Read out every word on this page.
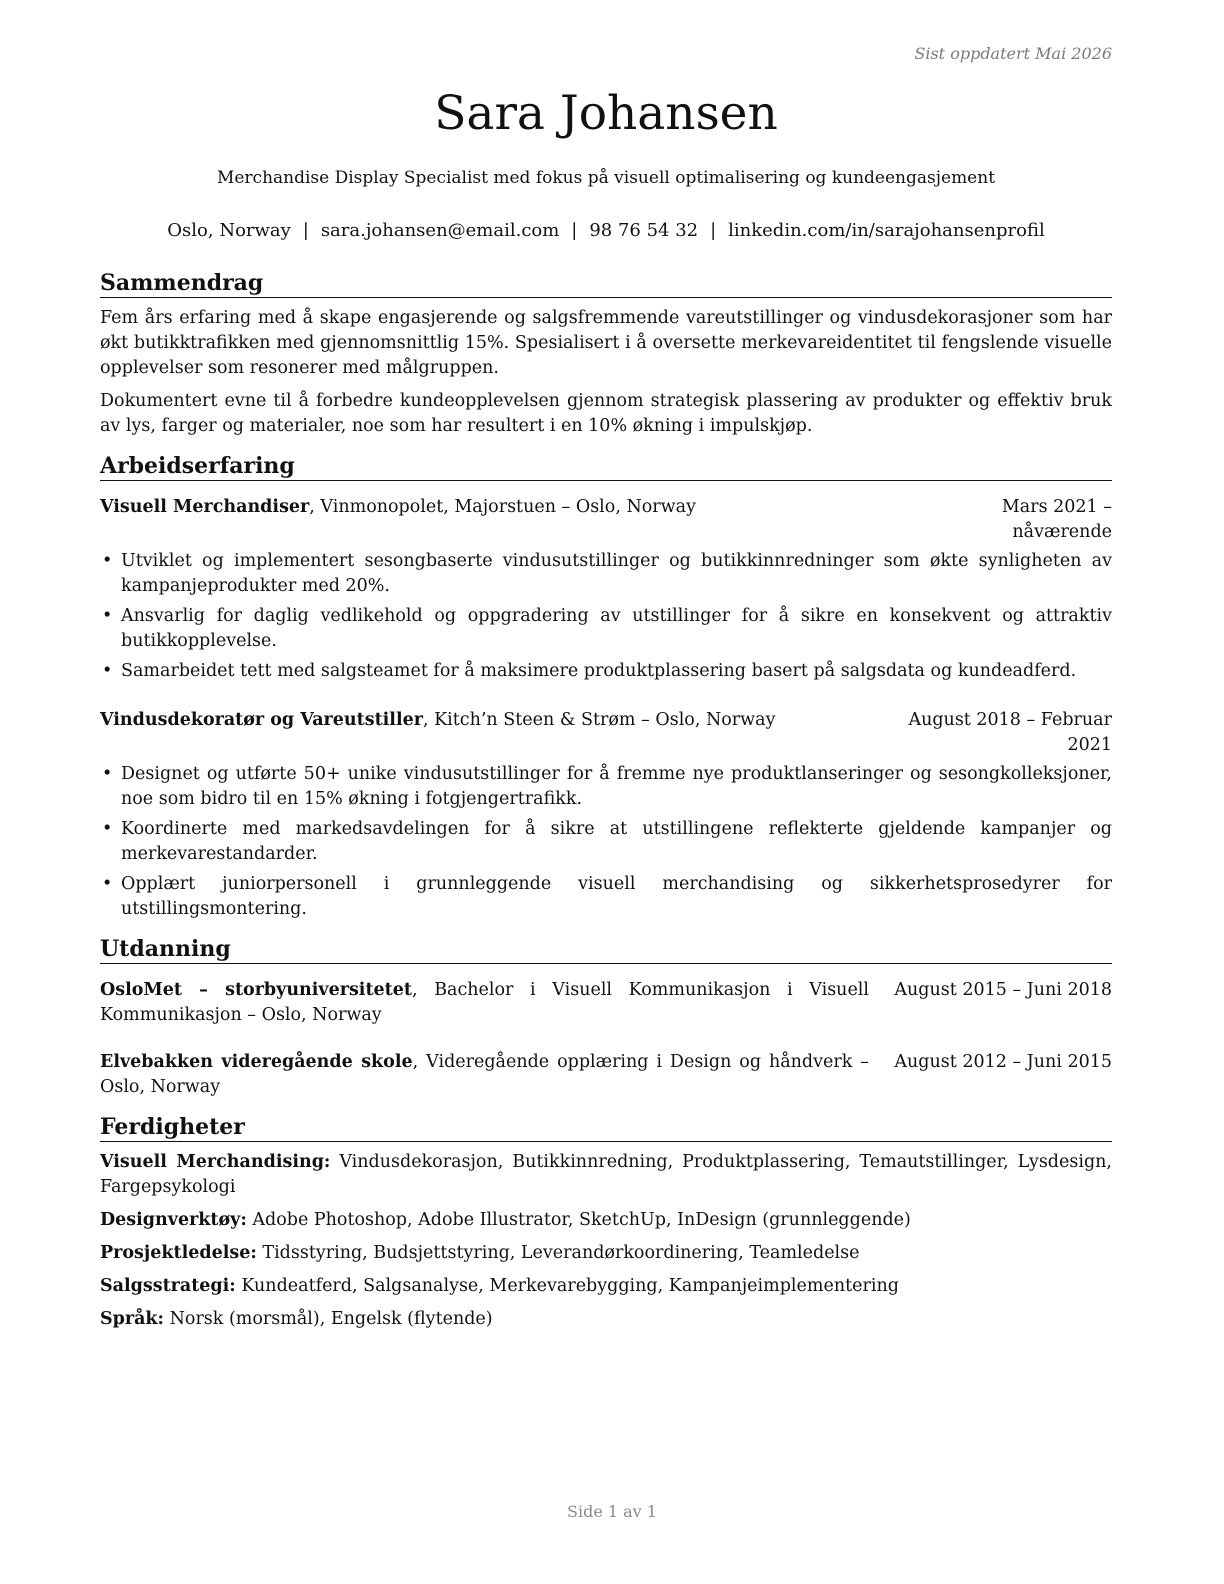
Sist oppdatert Mai 2026
Sara Johansen
Merchandise Display Specialist med fokus på visuell optimalisering og kundeengasjement
Oslo, Norway | sara.johansen@email.com | 98 76 54 32 | linkedin.com/in/sarajohansenprofil
Sammendrag

Fem års erfaring med å skape engasjerende og salgsfremmende vareutstillinger og vindusdekorasjoner som har økt butikktrafikken med gjennomsnittlig 15%. Spesialisert i å oversette merkevareidentitet til fengslende visuelle opplevelser som resonerer med målgruppen.

Dokumentert evne til å forbedre kundeopplevelsen gjennom strategisk plassering av produkter og effektiv bruk av lys, farger og materialer, noe som har resultert i en 10% økning i impulskjøp.

Arbeidserfaring
Visuell Merchandiser, Vinmonopolet, Majorstuen – Oslo, Norway	Mars 2021 – nåværende
• Utviklet og implementert sesongbaserte vindusutstillinger og butikkinnredninger som økte synligheten av kampanjeprodukter med 20%.
• Ansvarlig for daglig vedlikehold og oppgradering av utstillinger for å sikre en konsekvent og attraktiv butikkopplevelse.
• Samarbeidet tett med salgsteamet for å maksimere produktplassering basert på salgsdata og kundeadferd.
Vindusdekoratør og Vareutstiller, Kitch’n Steen & Strøm – Oslo, Norway	August 2018 – Februar 2021
• Designet og utførte 50+ unike vindusutstillinger for å fremme nye produktlanseringer og sesongkolleksjoner, noe som bidro til en 15% økning i fotgjengertrafikk.
• Koordinerte med markedsavdelingen for å sikre at utstillingene reflekterte gjeldende kampanjer og merkevarestandarder.
• Opplært juniorpersonell i grunnleggende visuell merchandising og sikkerhetsprosedyrer for utstillingsmontering.
Utdanning
OsloMet – storbyuniversitetet, Bachelor i Visuell Kommunikasjon i Visuell Kommunikasjon – Oslo, Norway
August 2015 – Juni 2018
Elvebakken videregående skole, Videregående opplæring i Design og håndverk – Oslo, Norway
August 2012 – Juni 2015
Ferdigheter
Visuell Merchandising: Vindusdekorasjon, Butikkinnredning, Produktplassering, Temautstillinger, Lysdesign, Fargepsykologi
Designverktøy: Adobe Photoshop, Adobe Illustrator, SketchUp, InDesign (grunnleggende)
Prosjektledelse: Tidsstyring, Budsjettstyring, Leverandørkoordinering, Teamledelse
Salgsstrategi: Kundeatferd, Salgsanalyse, Merkevarebygging, Kampanjeimplementering
Språk: Norsk (morsmål), Engelsk (flytende)
Side 1 av 1
